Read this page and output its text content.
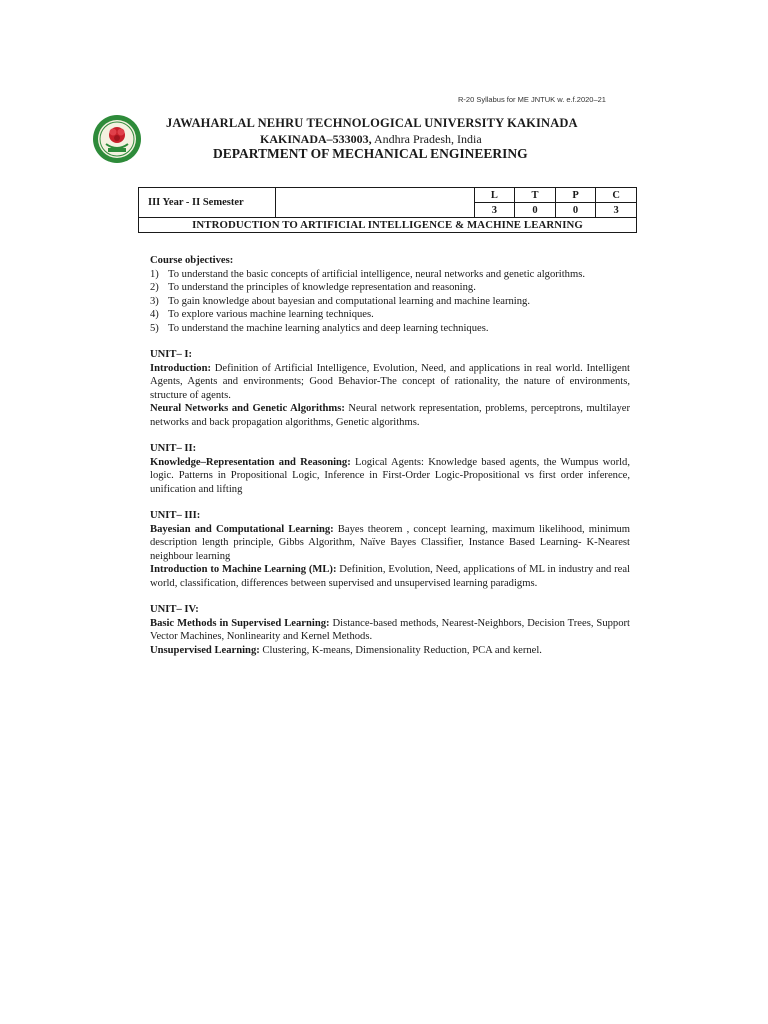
R-20 Syllabus for ME JNTUK w. e.f.2020–21
JAWAHARLAL NEHRU TECHNOLOGICAL UNIVERSITY KAKINADA
KAKINADA–533003, Andhra Pradesh, India
DEPARTMENT OF MECHANICAL ENGINEERING
III Year - II Semester		L	T	P	C
		3	0	0	3
INTRODUCTION TO ARTIFICIAL INTELLIGENCE & MACHINE LEARNING					

Course objectives:

1) To understand the basic concepts of artificial intelligence, neural networks and genetic algorithms.
2) To understand the principles of knowledge representation and reasoning.
3) To gain knowledge about bayesian and computational learning and machine learning.
4) To explore various machine learning techniques.
5) To understand the machine learning analytics and deep learning techniques.

UNIT– I:

Introduction: Definition of Artificial Intelligence, Evolution, Need, and applications in real world. Intelligent Agents, Agents and environments; Good Behavior-The concept of rationality, the nature of environments, structure of agents.

Neural Networks and Genetic Algorithms: Neural network representation, problems, perceptrons, multilayer networks and back propagation algorithms, Genetic algorithms.

UNIT– II:

Knowledge–Representation and Reasoning: Logical Agents: Knowledge based agents, the Wumpus world, logic. Patterns in Propositional Logic, Inference in First-Order Logic-Propositional vs first order inference, unification and lifting

UNIT– III:

Bayesian and Computational Learning: Bayes theorem , concept learning, maximum likelihood, minimum description length principle, Gibbs Algorithm, Naïve Bayes Classifier, Instance Based Learning- K-Nearest neighbour learning

Introduction to Machine Learning (ML): Definition, Evolution, Need, applications of ML in industry and real world, classification, differences between supervised and unsupervised learning paradigms.

UNIT– IV:

Basic Methods in Supervised Learning: Distance-based methods, Nearest-Neighbors, Decision Trees, Support Vector Machines, Nonlinearity and Kernel Methods.

Unsupervised Learning: Clustering, K-means, Dimensionality Reduction, PCA and kernel.
